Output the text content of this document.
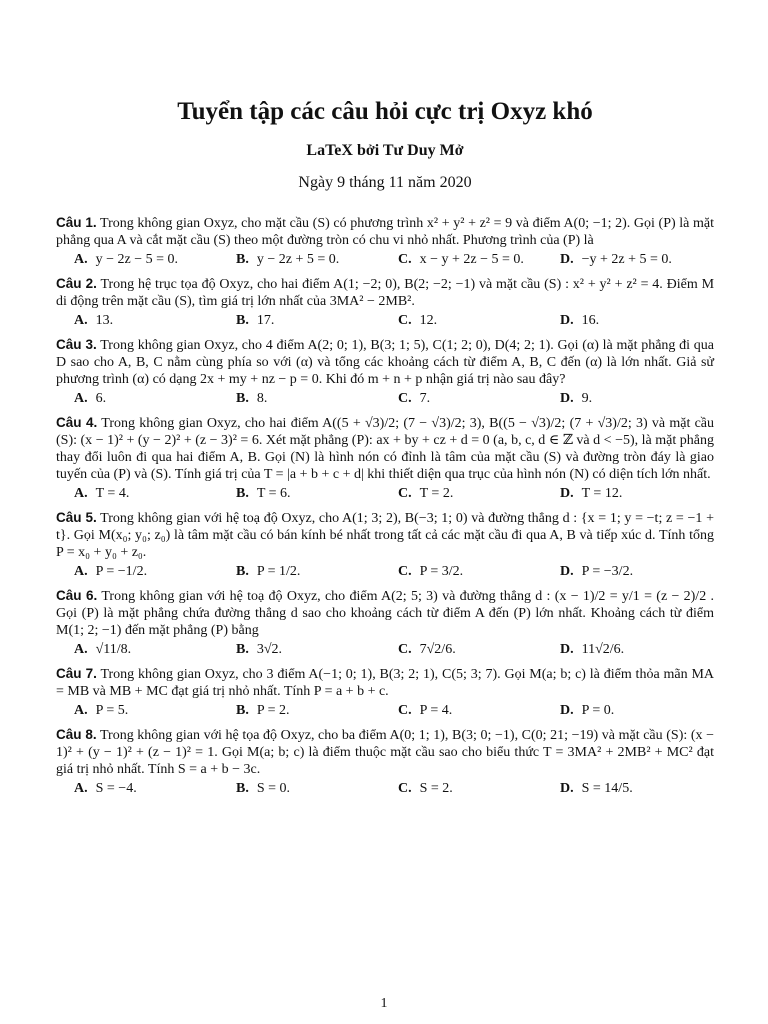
Tuyển tập các câu hỏi cực trị Oxyz khó
LaTeX bởi Tư Duy Mở
Ngày 9 tháng 11 năm 2020
Câu 1. Trong không gian Oxyz, cho mặt cầu (S) có phương trình x² + y² + z² = 9 và điểm A(0; −1; 2). Gọi (P) là mặt phẳng qua A và cắt mặt cầu (S) theo một đường tròn có chu vi nhỏ nhất. Phương trình của (P) là
A. y − 2z − 5 = 0.	B. y − 2z + 5 = 0.	C. x − y + 2z − 5 = 0.	D. −y + 2z + 5 = 0.
Câu 2. Trong hệ trục tọa độ Oxyz, cho hai điểm A(1; −2; 0), B(2; −2; −1) và mặt cầu (S) : x² + y² + z² = 4. Điểm M di động trên mặt cầu (S), tìm giá trị lớn nhất của 3MA² − 2MB².
A. 13.	B. 17.	C. 12.	D. 16.
Câu 3. Trong không gian Oxyz, cho 4 điểm A(2; 0; 1), B(3; 1; 5), C(1; 2; 0), D(4; 2; 1). Gọi (α) là mặt phẳng đi qua D sao cho A, B, C nằm cùng phía so với (α) và tổng các khoảng cách từ điểm A, B, C đến (α) là lớn nhất. Giả sử phương trình (α) có dạng 2x + my + nz − p = 0. Khi đó m + n + p nhận giá trị nào sau đây?
A. 6.	B. 8.	C. 7.	D. 9.
Câu 4. Trong không gian Oxyz, cho hai điểm A((5 + √3)/2; (7 − √3)/2; 3), B((5 − √3)/2; (7 + √3)/2; 3) và mặt cầu (S): (x − 1)² + (y − 2)² + (z − 3)² = 6. Xét mặt phẳng (P): ax + by + cz + d = 0 (a, b, c, d ∈ ℤ và d < −5), là mặt phẳng thay đổi luôn đi qua hai điểm A, B. Gọi (N) là hình nón có đỉnh là tâm của mặt cầu (S) và đường tròn đáy là giao tuyến của (P) và (S). Tính giá trị của T = |a + b + c + d| khi thiết diện qua trục của hình nón (N) có diện tích lớn nhất.
A. T = 4.	B. T = 6.	C. T = 2.	D. T = 12.
Câu 5. Trong không gian với hệ toạ độ Oxyz, cho A(1; 3; 2), B(−3; 1; 0) và đường thẳng d : {x = 1; y = −t; z = −1 + t}. Gọi M(x₀; y₀; z₀) là tâm mặt cầu có bán kính bé nhất trong tất cả các mặt cầu đi qua A, B và tiếp xúc d. Tính tổng P = x₀ + y₀ + z₀.
A. P = −1/2.	B. P = 1/2.	C. P = 3/2.	D. P = −3/2.
Câu 6. Trong không gian với hệ toạ độ Oxyz, cho điểm A(2; 5; 3) và đường thẳng d : (x − 1)/2 = y/1 = (z − 2)/2 . Gọi (P) là mặt phẳng chứa đường thẳng d sao cho khoảng cách từ điểm A đến (P) lớn nhất. Khoảng cách từ điểm M(1; 2; −1) đến mặt phẳng (P) bằng
A. √11/8.	B. 3√2.	C. 7√2/6.	D. 11√2/6.
Câu 7. Trong không gian Oxyz, cho 3 điểm A(−1; 0; 1), B(3; 2; 1), C(5; 3; 7). Gọi M(a; b; c) là điểm thỏa mãn MA = MB và MB + MC đạt giá trị nhỏ nhất. Tính P = a + b + c.
A. P = 5.	B. P = 2.	C. P = 4.	D. P = 0.
Câu 8. Trong không gian với hệ tọa độ Oxyz, cho ba điểm A(0; 1; 1), B(3; 0; −1), C(0; 21; −19) và mặt cầu (S): (x − 1)² + (y − 1)² + (z − 1)² = 1. Gọi M(a; b; c) là điểm thuộc mặt cầu sao cho biểu thức T = 3MA² + 2MB² + MC² đạt giá trị nhỏ nhất. Tính S = a + b − 3c.
A. S = −4.	B. S = 0.	C. S = 2.	D. S = 14/5.
1
